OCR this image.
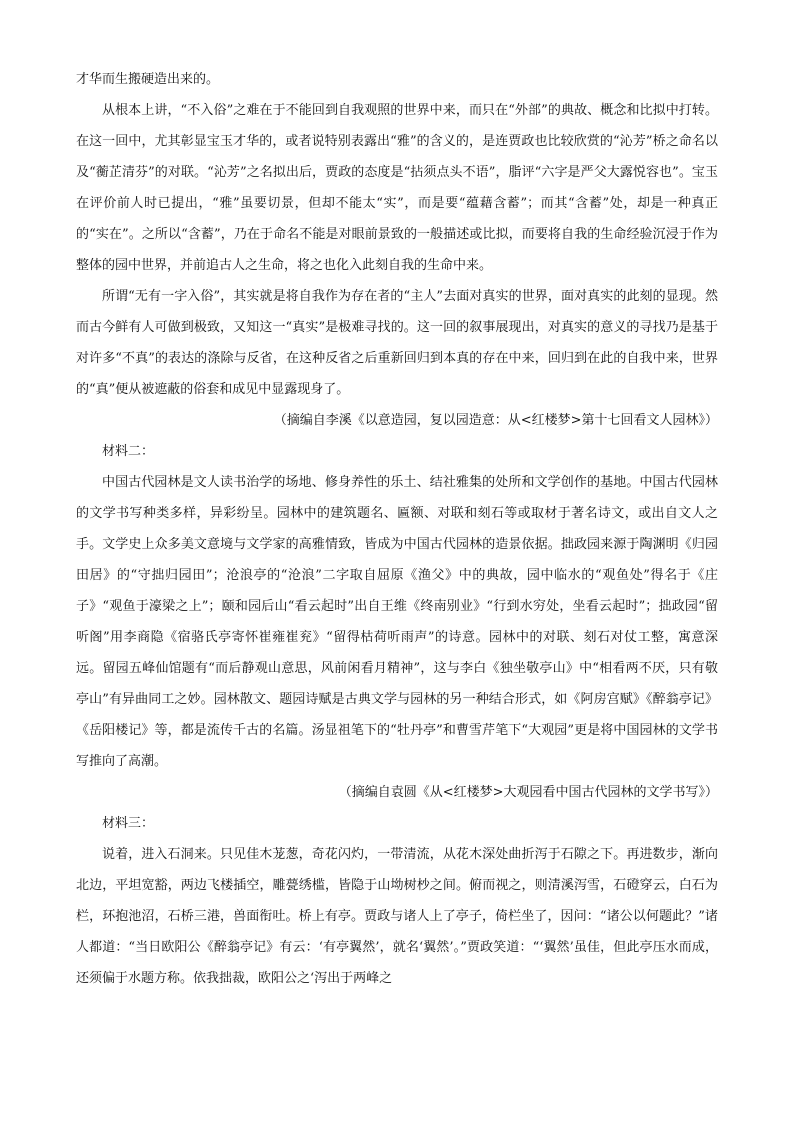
才华而生搬硬造出来的。

从根本上讲，“不入俗”之难在于不能回到自我观照的世界中来，而只在“外部”的典故、概念和比拟中打转。在这一回中，尤其彰显宝玉才华的，或者说特别表露出“雅”的含义的，是连贾政也比较欣赏的“沁芳”桥之命名以及“蘅芷清芬”的对联。“沁芳”之名拟出后，贾政的态度是“拈须点头不语”，脂评“六字是严父大露悦容也”。宝玉在评价前人时已提出，“雅”虽要切景，但却不能太“实”，而是要“蕴藉含蓄”；而其“含蓄”处，却是一种真正的“实在”。之所以“含蓄”，乃在于命名不能是对眼前景致的一般描述或比拟，而要将自我的生命经验沉浸于作为整体的园中世界，并前追古人之生命，将之也化入此刻自我的生命中来。

所谓“无有一字入俗”，其实就是将自我作为存在者的“主人”去面对真实的世界，面对真实的此刻的显现。然而古今鲜有人可做到极致，又知这一“真实”是极难寻找的。这一回的叙事展现出，对真实的意义的寻找乃是基于对许多“不真”的表达的涤除与反省，在这种反省之后重新回归到本真的存在中来，回归到在此的自我中来，世界的“真”便从被遮蔽的俗套和成见中显露现身了。

（摘编自李溪《以意造园，复以园造意：从<红楼梦>第十七回看文人园林》）

材料二：

中国古代园林是文人读书治学的场地、修身养性的乐土、结社雅集的处所和文学创作的基地。中国古代园林的文学书写种类多样，异彩纷呈。园林中的建筑题名、匾额、对联和刻石等或取材于著名诗文，或出自文人之手。文学史上众多美文意境与文学家的高雅情致，皆成为中国古代园林的造景依据。拙政园来源于陶渊明《归园田居》的“守拙归园田”；沧浪亭的“沧浪”二字取自屈原《渔父》中的典故，园中临水的“观鱼处”得名于《庄子》“观鱼于濠梁之上”；颐和园后山“看云起时”出自王维《终南别业》“行到水穷处，坐看云起时”；拙政园“留听阁”用李商隐《宿骆氏亭寄怀崔雍崔兖》“留得枯荷听雨声”的诗意。园林中的对联、刻石对仗工整，寓意深远。留园五峰仙馆题有“而后静观山意思，风前闲看月精神”，这与李白《独坐敬亭山》中“相看两不厌，只有敬亭山”有异曲同工之妙。园林散文、题园诗赋是古典文学与园林的另一种结合形式，如《阿房宫赋》《醉翁亭记》《岳阳楼记》等，都是流传千古的名篇。汤显祖笔下的“牡丹亭”和曹雪芹笔下“大观园”更是将中国园林的文学书写推向了高潮。

（摘编自袁圆《从<红楼梦>大观园看中国古代园林的文学书写》）

材料三：

说着，进入石洞来。只见佳木茏葱，奇花闪灼，一带清流，从花木深处曲折泻于石隙之下。再进数步，渐向北边，平坦宽豁，两边飞楼插空，雕甍绣槛，皆隐于山坳树杪之间。俯而视之，则清溪泻雪，石磴穿云，白石为栏，环抱池沼，石桥三港，兽面衔吐。桥上有亭。贾政与诸人上了亭子，倚栏坐了，因问：“诸公以何题此？”诸人都道：“当日欧阳公《醉翁亭记》有云：‘有亭翼然’，就名‘翼然’。”贾政笑道：“‘翼然’虽佳，但此亭压水而成，还须偏于水题方称。依我拙裁，欧阳公之‘泻出于两峰之
